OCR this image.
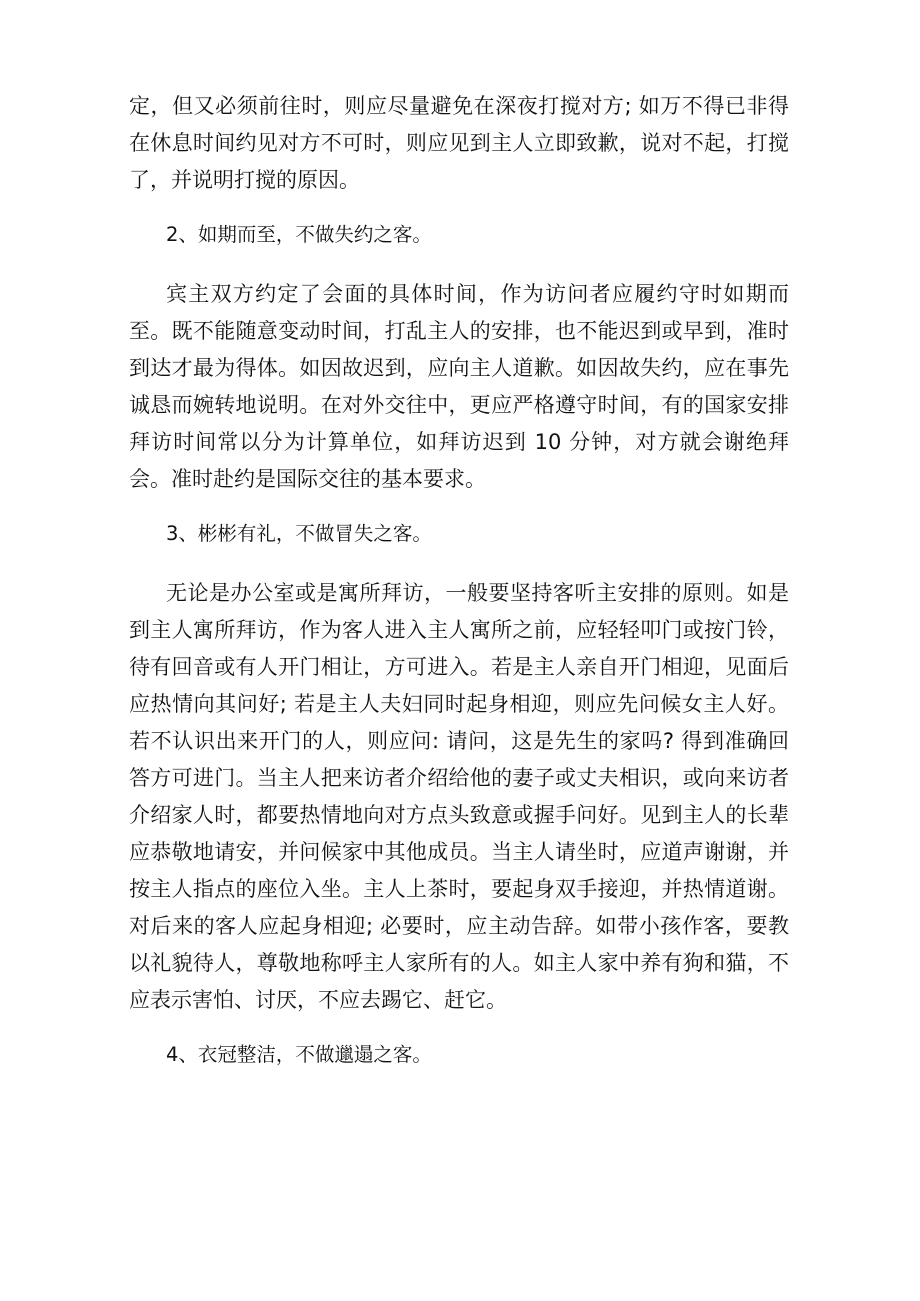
定，但又必须前往时，则应尽量避免在深夜打搅对方; 如万不得已非得在休息时间约见对方不可时，则应见到主人立即致歉，说对不起，打搅了，并说明打搅的原因。

2、如期而至，不做失约之客。

宾主双方约定了会面的具体时间，作为访问者应履约守时如期而至。既不能随意变动时间，打乱主人的安排，也不能迟到或早到，准时到达才最为得体。如因故迟到，应向主人道歉。如因故失约，应在事先诚恳而婉转地说明。在对外交往中，更应严格遵守时间，有的国家安排拜访时间常以分为计算单位，如拜访迟到 10 分钟，对方就会谢绝拜会。准时赴约是国际交往的基本要求。

3、彬彬有礼，不做冒失之客。

无论是办公室或是寓所拜访，一般要坚持客听主安排的原则。如是到主人寓所拜访，作为客人进入主人寓所之前，应轻轻叩门或按门铃，待有回音或有人开门相让，方可进入。若是主人亲自开门相迎，见面后应热情向其问好; 若是主人夫妇同时起身相迎，则应先问候女主人好。若不认识出来开门的人，则应问: 请问，这是先生的家吗? 得到准确回答方可进门。当主人把来访者介绍给他的妻子或丈夫相识，或向来访者介绍家人时，都要热情地向对方点头致意或握手问好。见到主人的长辈应恭敬地请安，并问候家中其他成员。当主人请坐时，应道声谢谢，并按主人指点的座位入坐。主人上茶时，要起身双手接迎，并热情道谢。对后来的客人应起身相迎; 必要时，应主动告辞。如带小孩作客，要教以礼貌待人，尊敬地称呼主人家所有的人。如主人家中养有狗和猫，不应表示害怕、讨厌，不应去踢它、赶它。

4、衣冠整洁，不做邋遢之客。
